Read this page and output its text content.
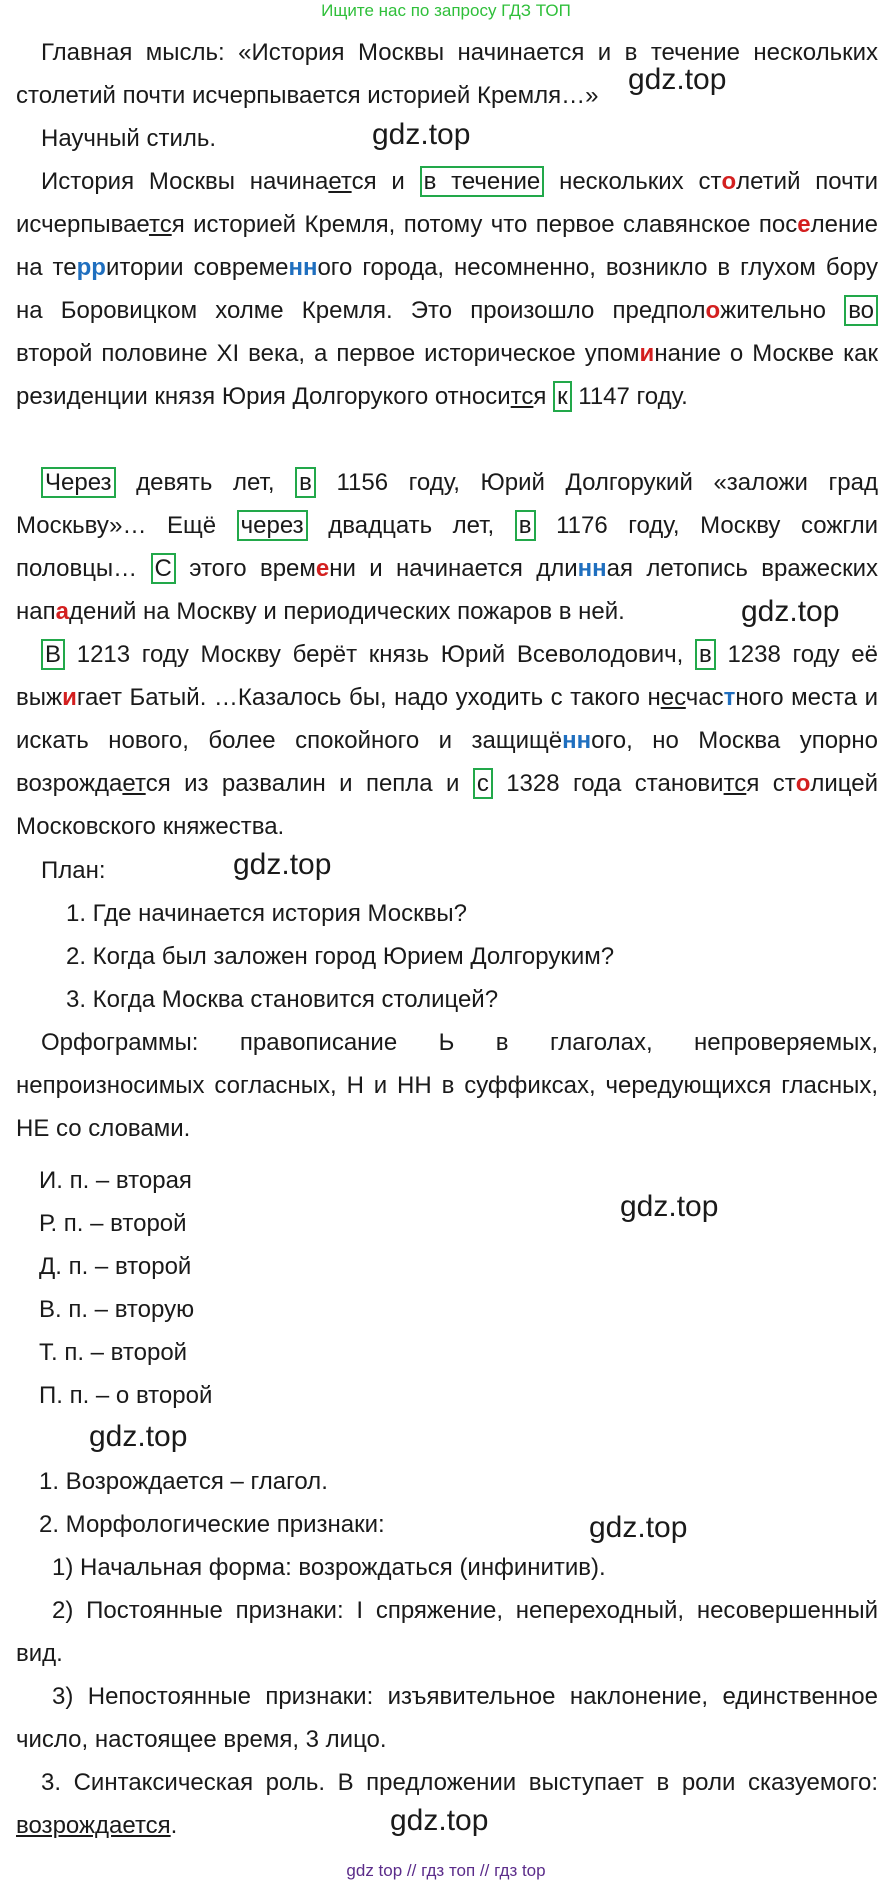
Ищите нас по запросу ГДЗ ТОП

Главная мысль: «История Москвы начинается и в течение нескольких столетий почти исчерпывается историей Кремля…»

Научный стиль.

История Москвы начинается и в течение нескольких столетий почти исчерпывается историей Кремля, потому что первое славянское поселение на территории современного города, несомненно, возникло в глухом бору на Боровицком холме Кремля. Это произошло предположительно во второй половине XI века, а первое историческое упоминание о Москве как резиденции князя Юрия Долгорукого относится к 1147 году.

Через девять лет, в 1156 году, Юрий Долгорукий «заложи град Москьву»… Ещё через двадцать лет, в 1176 году, Москву сожгли половцы… С этого времени и начинается длинная летопись вражеских нападений на Москву и периодических пожаров в ней.

В 1213 году Москву берёт князь Юрий Всеволодович, в 1238 году её выжигает Батый. …Казалось бы, надо уходить с такого несчастного места и искать нового, более спокойного и защищённого, но Москва упорно возрождается из развалин и пепла и с 1328 года становится столицей Московского княжества.

План:

1. Где начинается история Москвы?

2. Когда был заложен город Юрием Долгоруким?

3. Когда Москва становится столицей?

Орфограммы: правописание Ь в глаголах, непроверяемых, непроизносимых согласных, Н и НН в суффиксах, чередующихся гласных, НЕ со словами.

И. п. – вторая

Р. п. – второй

Д. п. – второй

В. п. – вторую

Т. п. – второй

П. п. – о второй

1. Возрождается – глагол.

2. Морфологические признаки:

1) Начальная форма: возрождаться (инфинитив).

2) Постоянные признаки: I спряжение, непереходный, несовершенный вид.

3) Непостоянные признаки: изъявительное наклонение, единственное число, настоящее время, 3 лицо.

3. Синтаксическая роль. В предложении выступает в роли сказуемого: возрождается.

gdz.top
gdz.top
gdz.top
gdz.top
gdz.top
gdz.top
gdz.top
gdz.top
gdz top // гдз топ // гдз top
